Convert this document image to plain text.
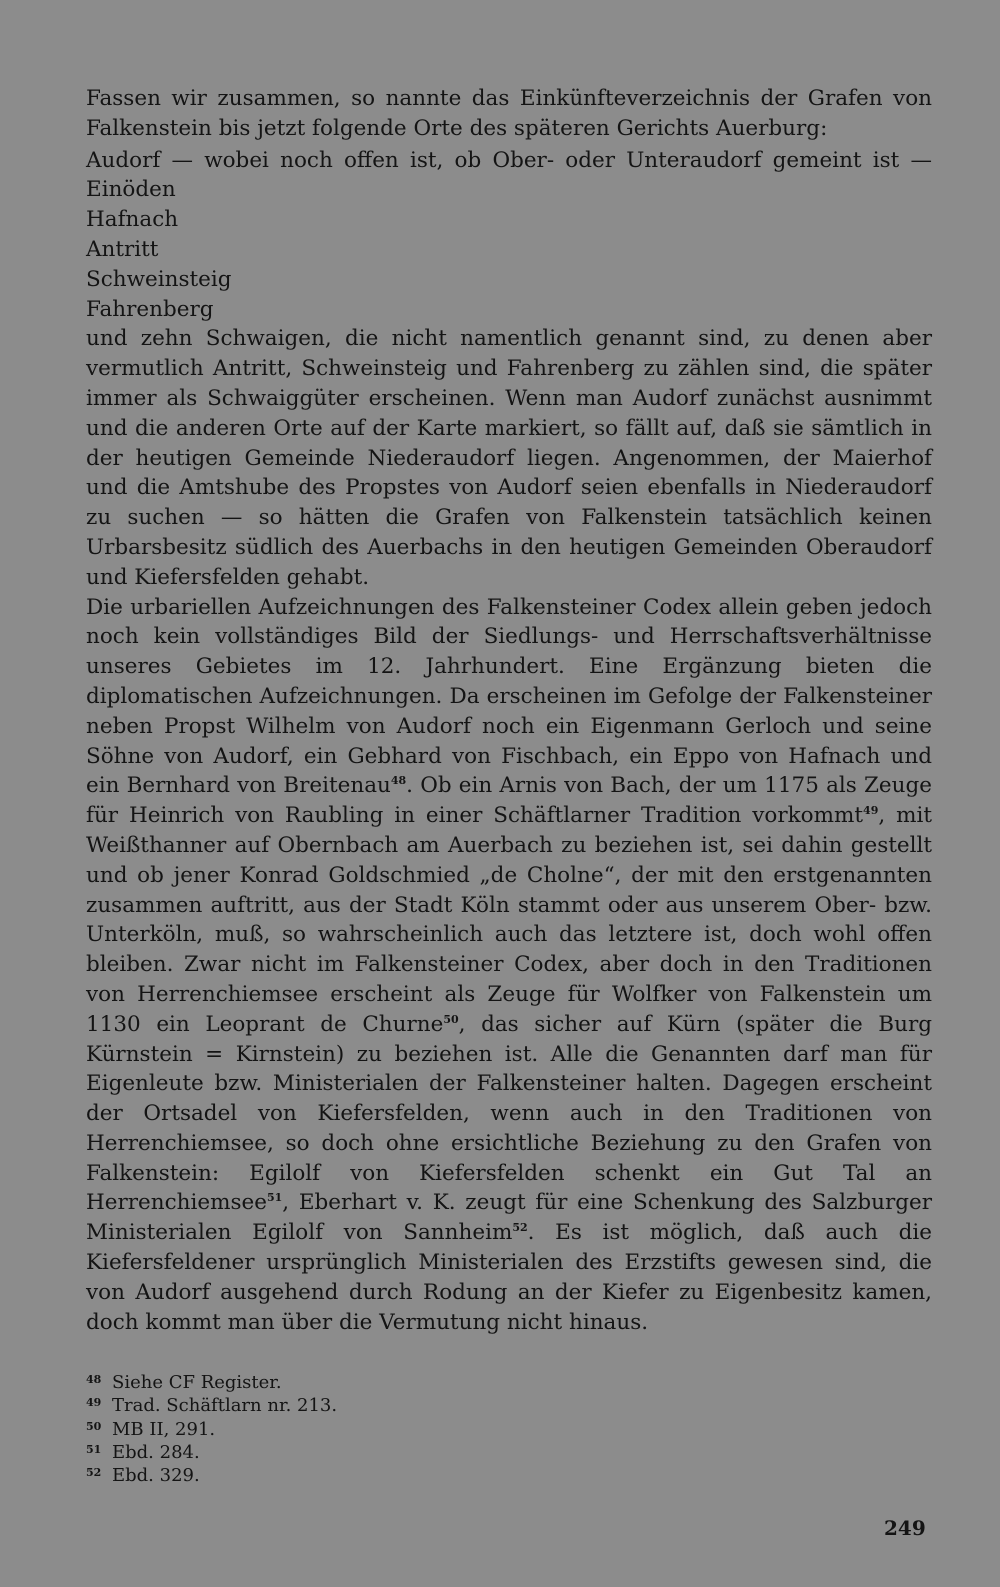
Fassen wir zusammen, so nannte das Einkünfteverzeichnis der Grafen von Falkenstein bis jetzt folgende Orte des späteren Gerichts Auerburg:

Audorf — wobei noch offen ist, ob Ober- oder Unteraudorf gemeint ist —
Einöden
Hafnach
Antritt
Schweinsteig
Fahrenberg

und zehn Schwaigen, die nicht namentlich genannt sind, zu denen aber vermutlich Antritt, Schweinsteig und Fahrenberg zu zählen sind, die später immer als Schwaiggüter erscheinen. Wenn man Audorf zunächst ausnimmt und die anderen Orte auf der Karte markiert, so fällt auf, daß sie sämtlich in der heutigen Gemeinde Niederaudorf liegen. Angenommen, der Maierhof und die Amtshube des Propstes von Audorf seien ebenfalls in Niederaudorf zu suchen — so hätten die Grafen von Falkenstein tatsächlich keinen Urbarsbesitz südlich des Auerbachs in den heutigen Gemeinden Oberaudorf und Kiefersfelden gehabt.

Die urbariellen Aufzeichnungen des Falkensteiner Codex allein geben jedoch noch kein vollständiges Bild der Siedlungs- und Herrschaftsverhältnisse unseres Gebietes im 12. Jahrhundert. Eine Ergänzung bieten die diplomatischen Aufzeichnungen. Da erscheinen im Gefolge der Falkensteiner neben Propst Wilhelm von Audorf noch ein Eigenmann Gerloch und seine Söhne von Audorf, ein Gebhard von Fischbach, ein Eppo von Hafnach und ein Bernhard von Breitenau$^{48}$. Ob ein Arnis von Bach, der um 1175 als Zeuge für Heinrich von Raubling in einer Schäftlarner Tradition vorkommt$^{49}$, mit Weißthanner auf Obernbach am Auerbach zu beziehen ist, sei dahin gestellt und ob jener Konrad Goldschmied „de Cholne“, der mit den erstgenannten zusammen auftritt, aus der Stadt Köln stammt oder aus unserem Ober- bzw. Unterköln, muß, so wahrscheinlich auch das letztere ist, doch wohl offen bleiben. Zwar nicht im Falkensteiner Codex, aber doch in den Traditionen von Herrenchiemsee erscheint als Zeuge für Wolfker von Falkenstein um 1130 ein Leoprant de Churne$^{50}$, das sicher auf Kürn (später die Burg Kürnstein = Kirnstein) zu beziehen ist. Alle die Genannten darf man für Eigenleute bzw. Ministerialen der Falkensteiner halten. Dagegen erscheint der Ortsadel von Kiefersfelden, wenn auch in den Traditionen von Herrenchiemsee, so doch ohne ersichtliche Beziehung zu den Grafen von Falkenstein: Egilolf von Kiefersfelden schenkt ein Gut Tal an Herrenchiemsee$^{51}$, Eberhart v. K. zeugt für eine Schenkung des Salzburger Ministerialen Egilolf von Sannheim$^{52}$. Es ist möglich, daß auch die Kiefersfeldener ursprünglich Ministerialen des Erzstifts gewesen sind, die von Audorf ausgehend durch Rodung an der Kiefer zu Eigenbesitz kamen, doch kommt man über die Vermutung nicht hinaus.

48 Siehe CF Register.

49 Trad. Schäftlarn nr. 213.

50 MB II, 291.

51 Ebd. 284.

52 Ebd. 329.

249
